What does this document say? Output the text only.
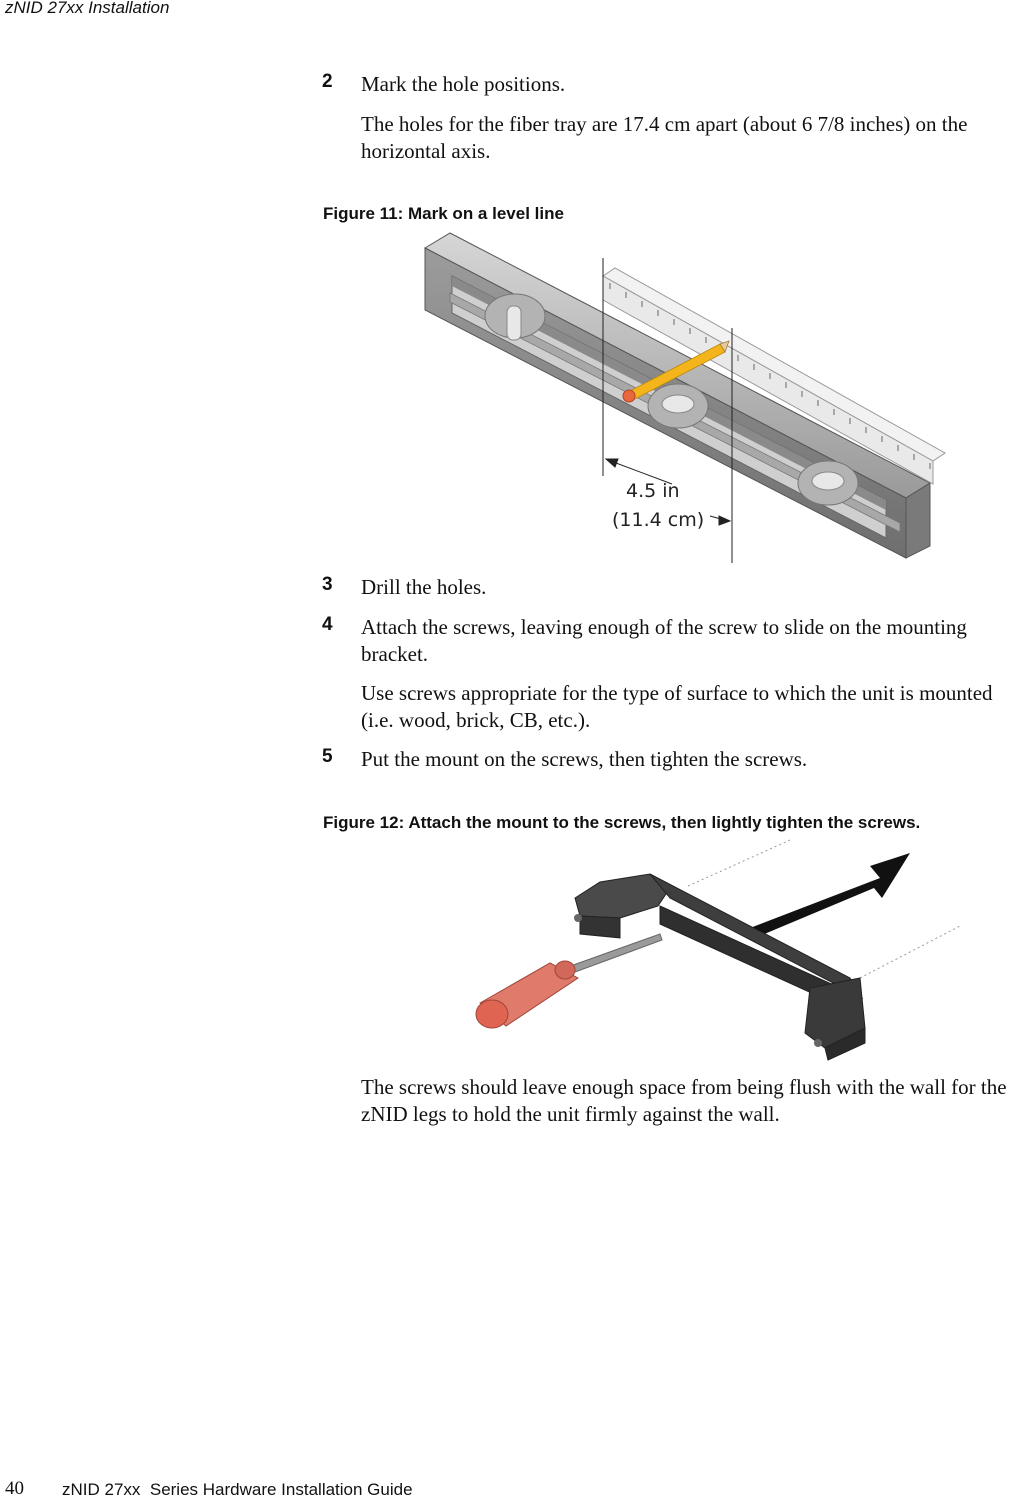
zNID 27xx Installation
2 Mark the hole positions.
The holes for the fiber tray are 17.4 cm apart (about 6 7/8 inches) on the horizontal axis.
Figure 11: Mark on a level line
4.5 in
(11.4 cm)
3 Drill the holes.
4 Attach the screws, leaving enough of the screw to slide on the mounting bracket.
Use screws appropriate for the type of surface to which the unit is mounted (i.e. wood, brick, CB, etc.).
5 Put the mount on the screws, then tighten the screws.
Figure 12: Attach the mount to the screws, then lightly tighten the screws.
The screws should leave enough space from being flush with the wall for the zNID legs to hold the unit firmly against the wall.
40 zNID 27xx  Series Hardware Installation Guide
